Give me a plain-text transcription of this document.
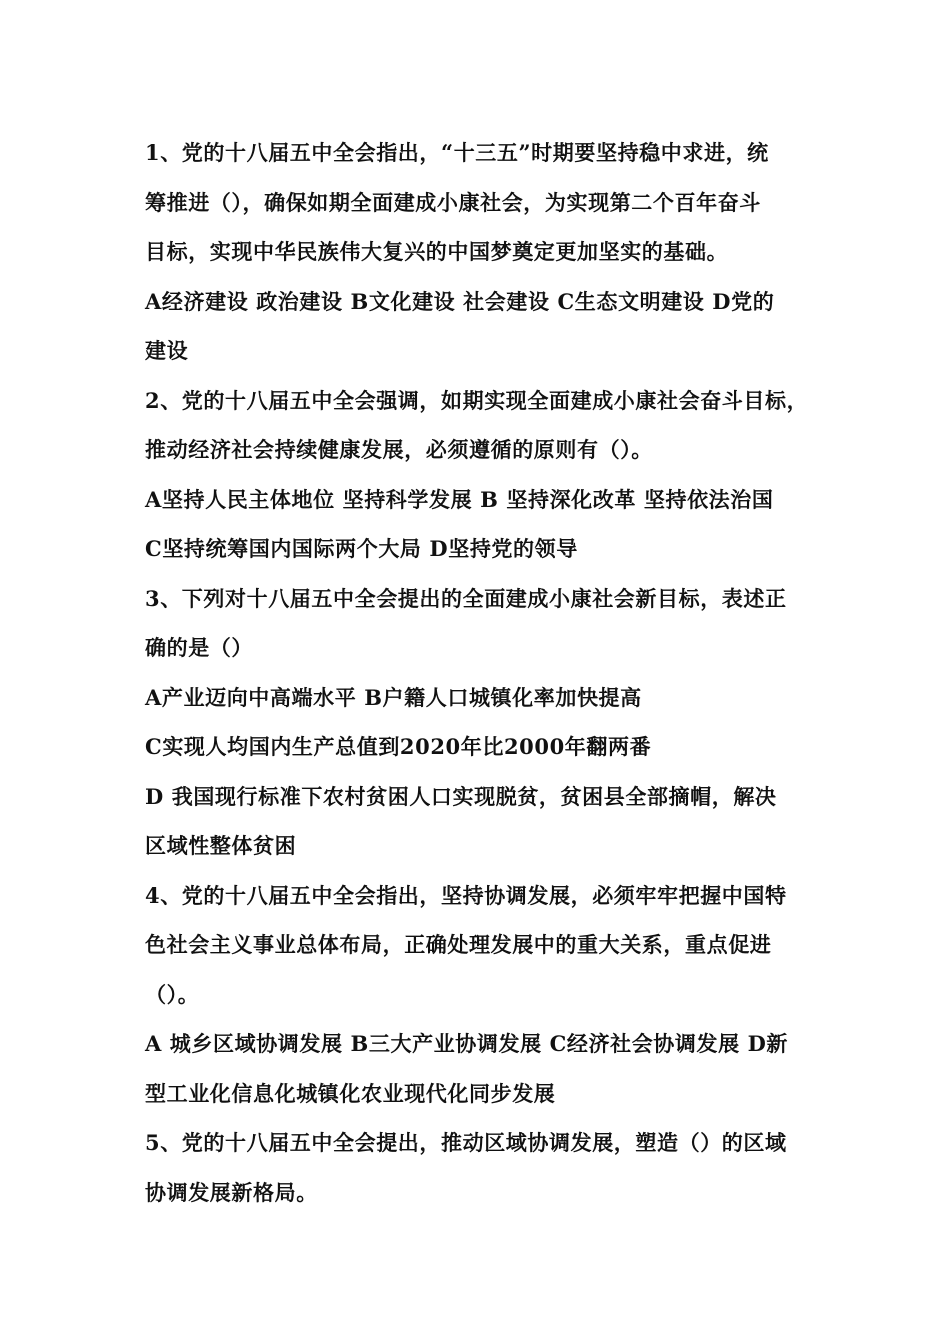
1、党的十八届五中全会指出，“十三五”时期要坚持稳中求进，统
筹推进（），确保如期全面建成小康社会，为实现第二个百年奋斗
目标，实现中华民族伟大复兴的中国梦奠定更加坚实的基础。
A经济建设 政治建设 B文化建设 社会建设 C生态文明建设 D党的
建设
2、党的十八届五中全会强调，如期实现全面建成小康社会奋斗目标，
推动经济社会持续健康发展，必须遵循的原则有（）。
A坚持人民主体地位 坚持科学发展 B 坚持深化改革 坚持依法治国
C坚持统筹国内国际两个大局 D坚持党的领导
3、下列对十八届五中全会提出的全面建成小康社会新目标，表述正
确的是（）
A产业迈向中高端水平 B户籍人口城镇化率加快提高
C实现人均国内生产总值到2020年比2000年翻两番
D 我国现行标准下农村贫困人口实现脱贫，贫困县全部摘帽，解决
区域性整体贫困
4、党的十八届五中全会指出，坚持协调发展，必须牢牢把握中国特
色社会主义事业总体布局，正确处理发展中的重大关系，重点促进
（）。
A 城乡区域协调发展 B三大产业协调发展 C经济社会协调发展 D新
型工业化信息化城镇化农业现代化同步发展
5、党的十八届五中全会提出，推动区域协调发展，塑造（）的区域
协调发展新格局。
